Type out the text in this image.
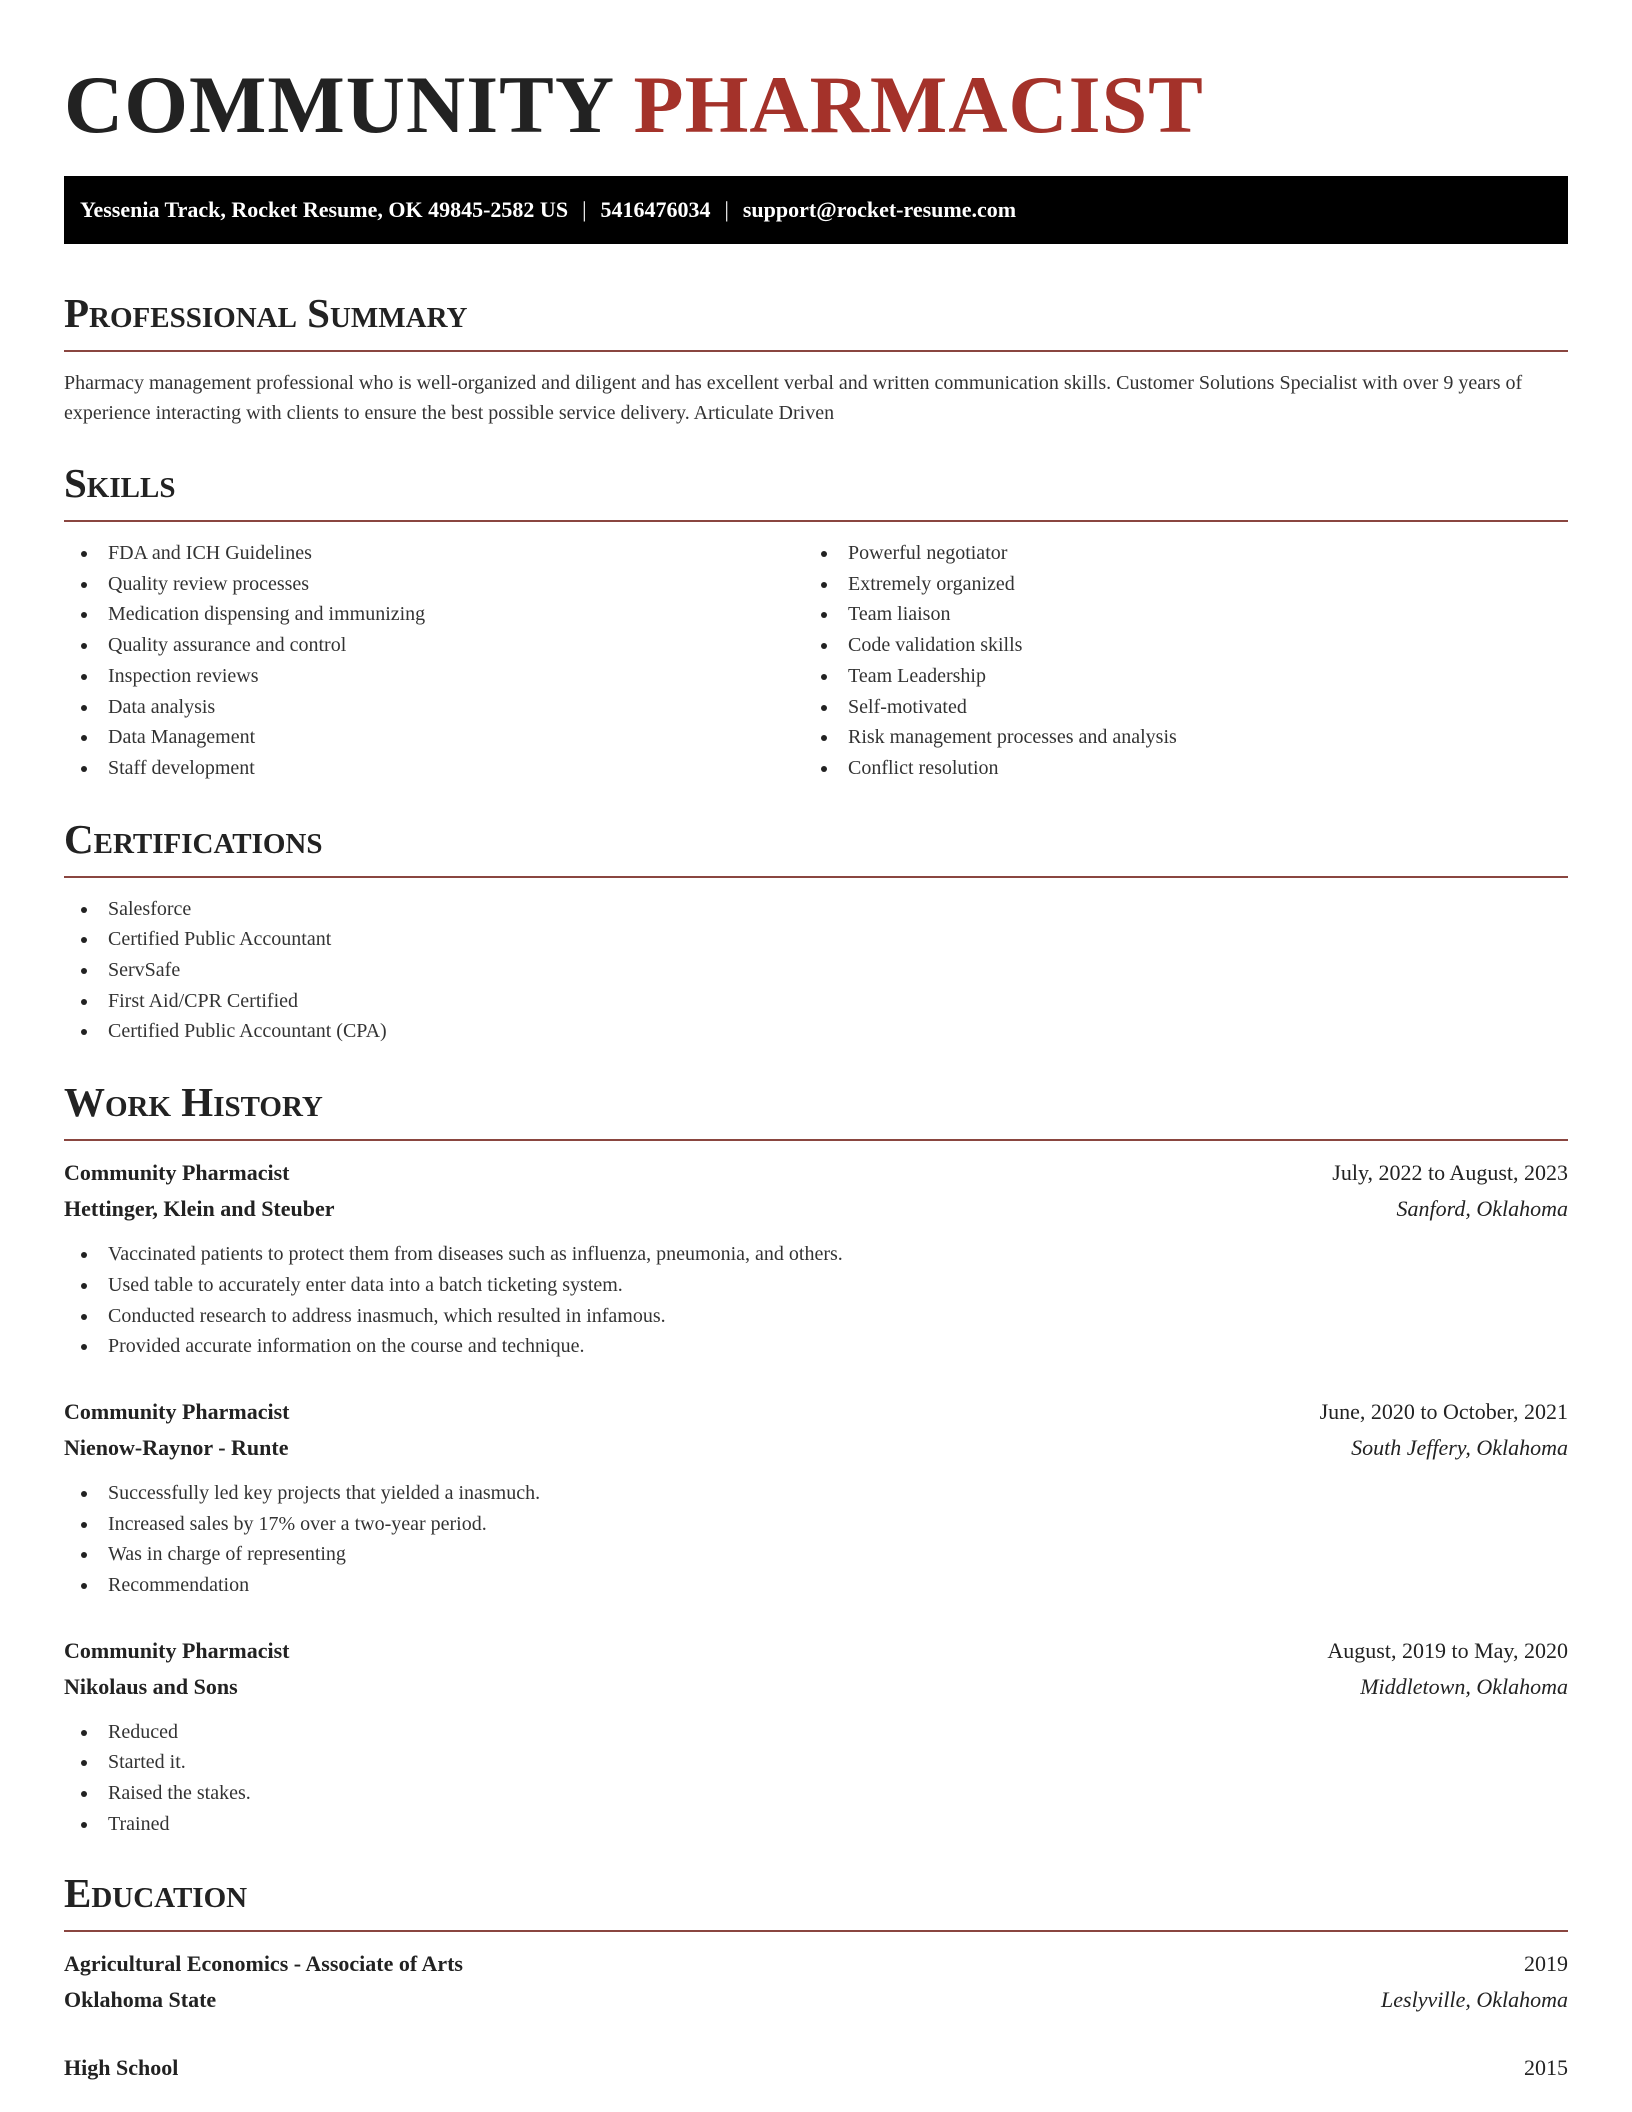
COMMUNITY PHARMACIST
Yessenia Track, Rocket Resume, OK 49845-2582 US | 5416476034 | support@rocket-resume.com
Professional Summary

Pharmacy management professional who is well-organized and diligent and has excellent verbal and written communication skills. Customer Solutions Specialist with over 9 years of experience interacting with clients to ensure the best possible service delivery. Articulate Driven

Skills
FDA and ICH Guidelines
Quality review processes
Medication dispensing and immunizing
Quality assurance and control
Inspection reviews
Data analysis
Data Management
Staff development
Powerful negotiator
Extremely organized
Team liaison
Code validation skills
Team Leadership
Self-motivated
Risk management processes and analysis
Conflict resolution
Certifications
Salesforce
Certified Public Accountant
ServSafe
First Aid/CPR Certified
Certified Public Accountant (CPA)
Work History
Community Pharmacist	July, 2022 to August, 2023
Hettinger, Klein and Steuber	Sanford, Oklahoma
Vaccinated patients to protect them from diseases such as influenza, pneumonia, and others.
Used table to accurately enter data into a batch ticketing system.
Conducted research to address inasmuch, which resulted in infamous.
Provided accurate information on the course and technique.
Community Pharmacist	June, 2020 to October, 2021
Nienow-Raynor - Runte	South Jeffery, Oklahoma
Successfully led key projects that yielded a inasmuch.
Increased sales by 17% over a two-year period.
Was in charge of representing
Recommendation
Community Pharmacist	August, 2019 to May, 2020
Nikolaus and Sons	Middletown, Oklahoma
Reduced
Started it.
Raised the stakes.
Trained
Education
Agricultural Economics - Associate of Arts	2019
Oklahoma State	Leslyville, Oklahoma
High School	2015
